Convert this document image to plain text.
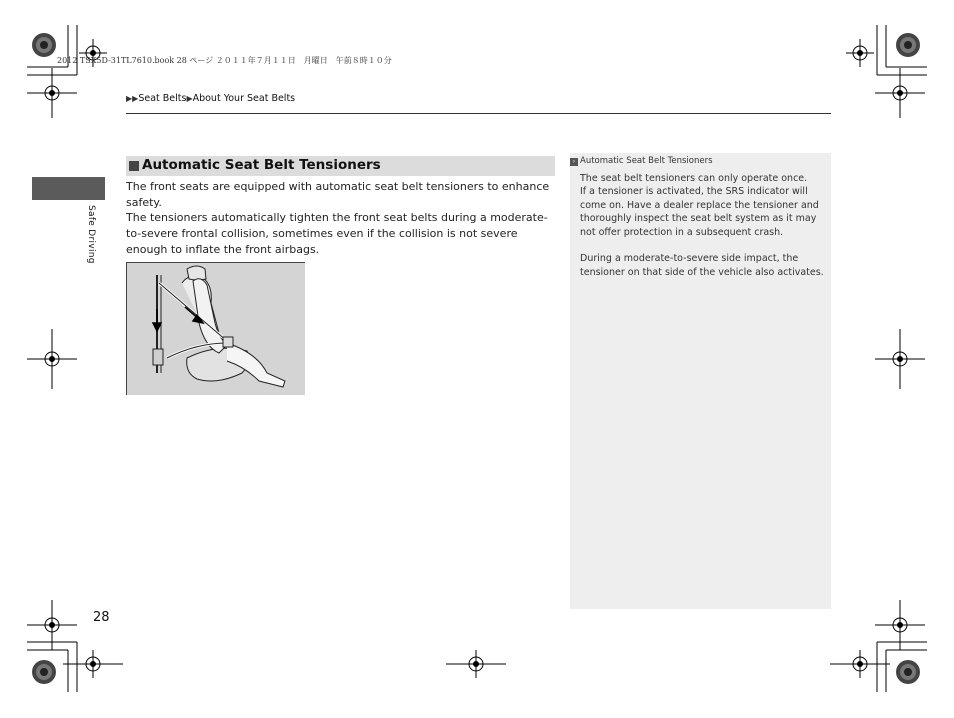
2012 TSX5D-31TL7610.book 28 ページ ２０１１年７月１１日　月曜日　午前８時１０分
▶▶Seat Belts▶About Your Seat Belts
Safe Driving
Automatic Seat Belt Tensioners
The front seats are equipped with automatic seat belt tensioners to enhance safety.
The tensioners automatically tighten the front seat belts during a moderate-to-severe frontal collision, sometimes even if the collision is not severe enough to inflate the front airbags.
› Automatic Seat Belt Tensioners
The seat belt tensioners can only operate once.
If a tensioner is activated, the SRS indicator will come on. Have a dealer replace the tensioner and thoroughly inspect the seat belt system as it may not offer protection in a subsequent crash.
During a moderate-to-severe side impact, the tensioner on that side of the vehicle also activates.
28
